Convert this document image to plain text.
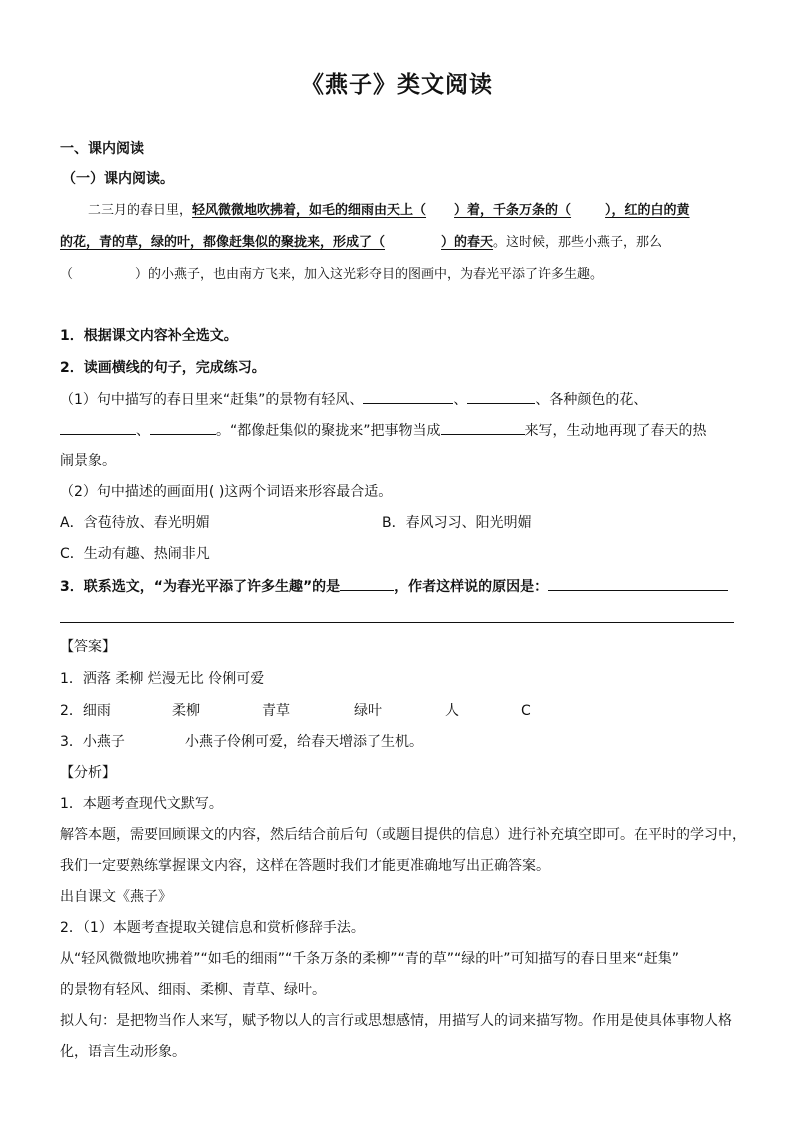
《燕子》类文阅读
一、课内阅读
（一）课内阅读。
二三月的春日里，轻风微微地吹拂着，如毛的细雨由天上（ ）着，千条万条的（	），红的白的黄
的花，青的草，绿的叶，都像赶集似的聚拢来，形成了（	）的春天。这时候，那些小燕子，那么
（	）的小燕子，也由南方飞来，加入这光彩夺目的图画中，为春光平添了许多生趣。
1．根据课文内容补全选文。
2．读画横线的句子，完成练习。
（1）句中描写的春日里来“赶集”的景物有轻风、	、	、各种颜色的花、
、	。“都像赶集似的聚拢来”把事物当成	来写，生动地再现了春天的热
闹景象。
（2）句中描述的画面用( )这两个词语来形容最合适。
A．含苞待放、春光明媚	B．春风习习、阳光明媚
C．生动有趣、热闹非凡
3．联系选文，“为春光平添了许多生趣”的是	，作者这样说的原因是：
【答案】
1．洒落 柔柳 烂漫无比 伶俐可爱
2．细雨	柔柳	青草	绿叶	人	C
3．小燕子	小燕子伶俐可爱，给春天增添了生机。
【分析】
1．本题考查现代文默写。
解答本题，需要回顾课文的内容，然后结合前后句（或题目提供的信息）进行补充填空即可。在平时的学习中，
我们一定要熟练掌握课文内容，这样在答题时我们才能更准确地写出正确答案。
出自课文《燕子》
2．（1）本题考查提取关键信息和赏析修辞手法。
从“轻风微微地吹拂着”“如毛的细雨”“千条万条的柔柳”“青的草”“绿的叶”可知描写的春日里来“赶集”
的景物有轻风、细雨、柔柳、青草、绿叶。
拟人句：是把物当作人来写，赋予物以人的言行或思想感情，用描写人的词来描写物。作用是使具体事物人格
化，语言生动形象。
